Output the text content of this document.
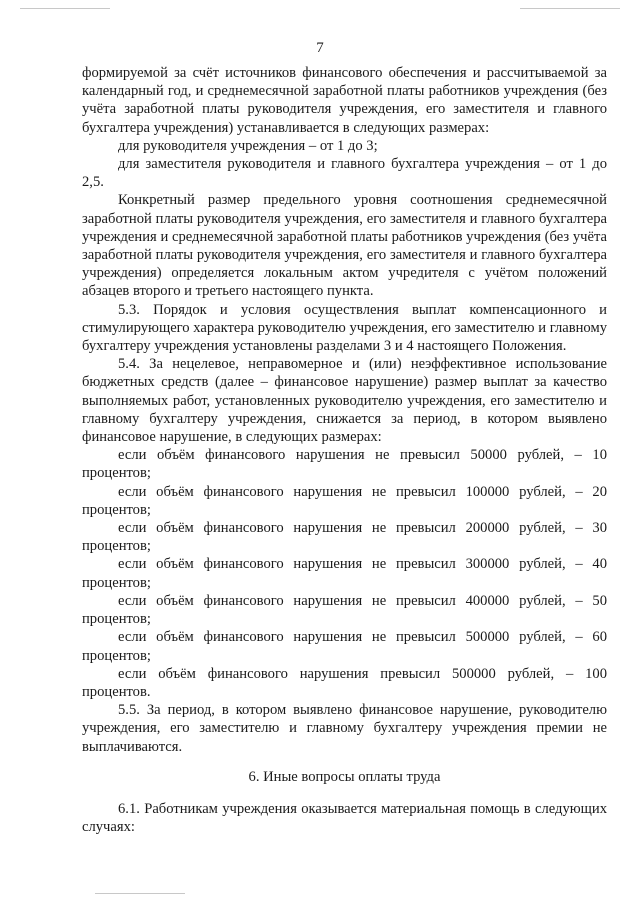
7

формируемой за счёт источников финансового обеспечения и рассчитываемой за календарный год, и среднемесячной заработной платы работников учреждения (без учёта заработной платы руководителя учреждения, его заместителя и главного бухгалтера учреждения) устанавливается в следующих размерах:

для руководителя учреждения – от 1 до 3;

для заместителя руководителя и главного бухгалтера учреждения – от 1 до 2,5.

Конкретный размер предельного уровня соотношения среднемесячной заработной платы руководителя учреждения, его заместителя и главного бухгалтера учреждения и среднемесячной заработной платы работников учреждения (без учёта заработной платы руководителя учреждения, его заместителя и главного бухгалтера учреждения) определяется локальным актом учредителя с учётом положений абзацев второго и третьего настоящего пункта.

5.3. Порядок и условия осуществления выплат компенсационного и стимулирующего характера руководителю учреждения, его заместителю и главному бухгалтеру учреждения установлены разделами 3 и 4 настоящего Положения.

5.4. За нецелевое, неправомерное и (или) неэффективное использование бюджетных средств (далее – финансовое нарушение) размер выплат за качество выполняемых работ, установленных руководителю учреждения, его заместителю и главному бухгалтеру учреждения, снижается за период, в котором выявлено финансовое нарушение, в следующих размерах:

если объём финансового нарушения не превысил 50000 рублей, – 10 процентов;

если объём финансового нарушения не превысил 100000 рублей, – 20 процентов;

если объём финансового нарушения не превысил 200000 рублей, – 30 процентов;

если объём финансового нарушения не превысил 300000 рублей, – 40 процентов;

если объём финансового нарушения не превысил 400000 рублей, – 50 процентов;

если объём финансового нарушения не превысил 500000 рублей, – 60 процентов;

если объём финансового нарушения превысил 500000 рублей, – 100 процентов.

5.5. За период, в котором выявлено финансовое нарушение, руководителю учреждения, его заместителю и главному бухгалтеру учреждения премии не выплачиваются.

6. Иные вопросы оплаты труда

6.1. Работникам учреждения оказывается материальная помощь в следующих случаях:
